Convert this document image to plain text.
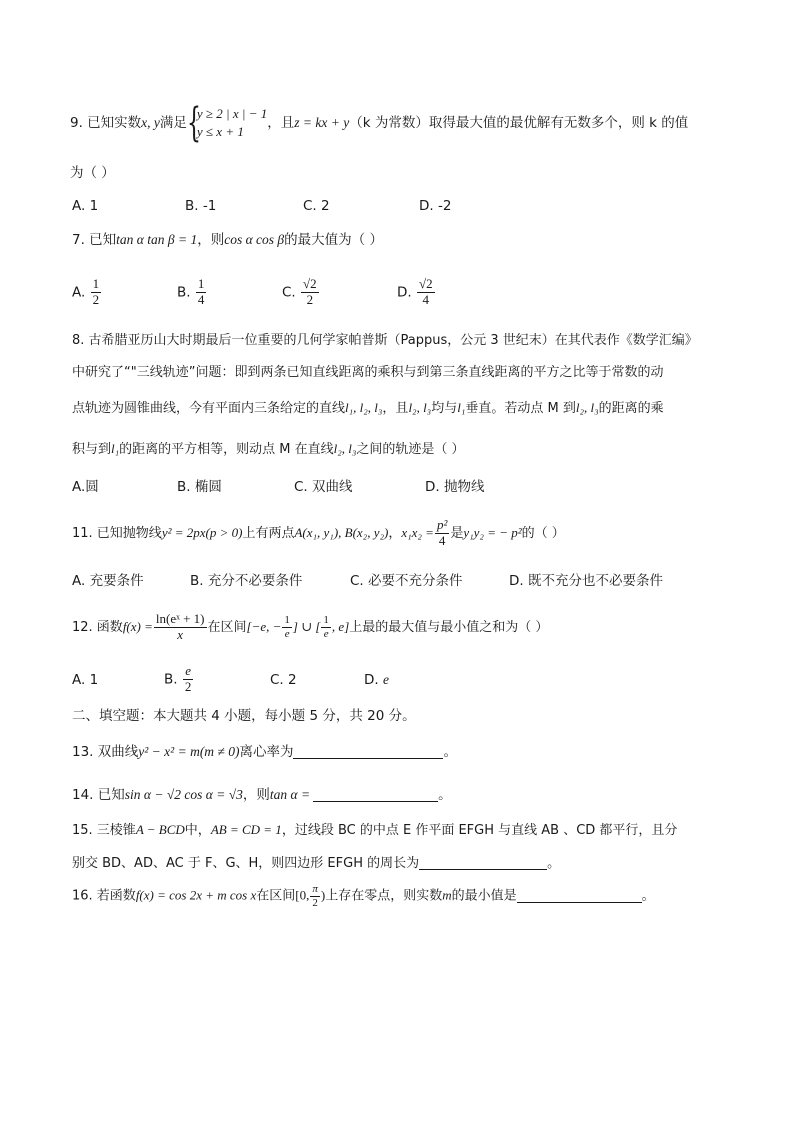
9. 已知实数x, y满足 {
y ≥ 2 | x | − 1
y ≤ x + 1
，且z = kx + y（k 为常数）取得最大值的最优解有无数多个，则 k 的值
为（ ）
A. 1	B. -1	C. 2	D. -2
7. 已知tan α tan β = 1，则cos α cos β的最大值为（ ）
A. $\frac{1}{2}$	B. $\frac{1}{4}$	C. $\frac{√2}{2}$	D. $\frac{√2}{4}$
8. 古希腊亚历山大时期最后一位重要的几何学家帕普斯（Pappus，公元 3 世纪末）在其代表作《数学汇编》
中研究了“"三线轨迹”问题：即到两条已知直线距离的乘积与到第三条直线距离的平方之比等于常数的动
点轨迹为圆锥曲线，今有平面内三条给定的直线l₁, l₂, l₃，且l₂, l₃均与l₁垂直。若动点 M 到l₂, l₃的距离的乘
积与到l₁的距离的平方相等，则动点 M 在直线l₂, l₃之间的轨迹是（ ）
A.圆	B. 椭圆	C. 双曲线	D. 抛物线
11. 已知抛物线y² = 2px(p > 0)上有两点A(x₁, y₁), B(x₂, y₂)，$x_1x_2 = \frac{\text{p²}}{4}$ 是y₁y₂ = − p²的（ ）
A. 充要条件	B. 充分不必要条件	C. 必要不充分条件	D. 既不充分也不必要条件
12. 函数$f(x) = \frac{\text{ln(eˣ + 1)}}{x}$ 在区间[−e, − $\frac{1}{e}$ ] ∪ [ $\frac{1}{e}$ , e]上最的最大值与最小值之和为（ ）
A. 1	B. $\frac{e}{2}$	C. 2	D. e
二、填空题：本大题共 4 小题，每小题 5 分，共 20 分。
13. 双曲线y² − x² = m(m ≠ 0)离心率为	。
14. 已知sin α − √2 cos α = √3，则tan α =	。
15. 三棱锥A − BCD中，AB = CD = 1，过线段 BC 的中点 E 作平面 EFGH 与直线 AB 、CD 都平行，且分
别交 BD、AD、AC 于 F、G、H，则四边形 EFGH 的周长为	。
16. 若函数f(x) = cos 2x + m cos x在区间[0, $\frac{\pi}{2}$ )上存在零点，则实数m的最小值是	。
